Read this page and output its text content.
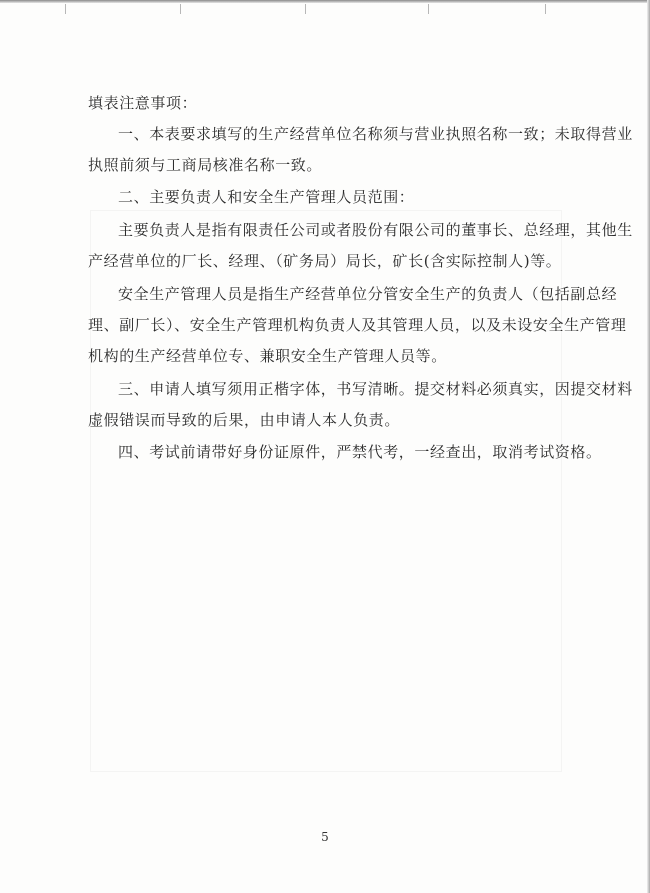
填表注意事项：
一、本表要求填写的生产经营单位名称须与营业执照名称一致；未取得营业
执照前须与工商局核准名称一致。
二、主要负责人和安全生产管理人员范围：
主要负责人是指有限责任公司或者股份有限公司的董事长、总经理，其他生
产经营单位的厂长、经理、（矿务局）局长，矿长(含实际控制人)等。
安全生产管理人员是指生产经营单位分管安全生产的负责人（包括副总经
理、副厂长）、安全生产管理机构负责人及其管理人员，以及未设安全生产管理
机构的生产经营单位专、兼职安全生产管理人员等。
三、申请人填写须用正楷字体，书写清晰。提交材料必须真实，因提交材料
虚假错误而导致的后果，由申请人本人负责。
四、考试前请带好身份证原件，严禁代考，一经查出，取消考试资格。
5
